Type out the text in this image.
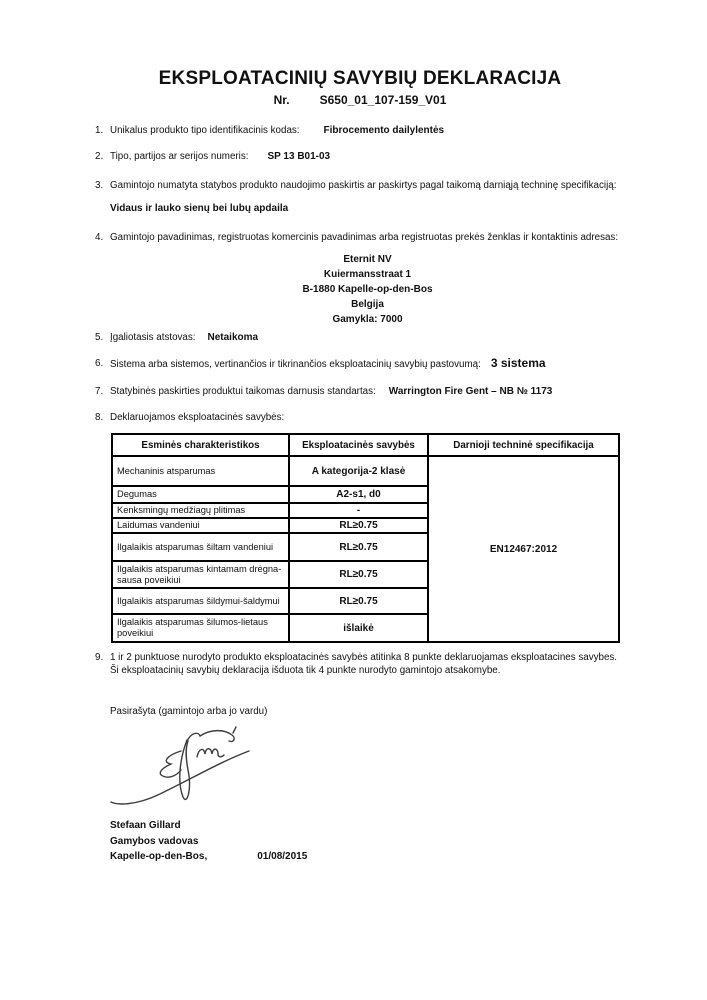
EKSPLOATACINIŲ SAVYBIŲ DEKLARACIJA
Nr.	S650_01_107-159_V01
1. Unikalus produkto tipo identifikacinis kodas: Fibrocemento dailylentės
2. Tipo, partijos ar serijos numeris: SP 13 B01-03
3. Gamintojo numatyta statybos produkto naudojimo paskirtis ar paskirtys pagal taikomą darniąją techninę specifikaciją:
Vidaus ir lauko sienų bei lubų apdaila
4. Gamintojo pavadinimas, registruotas komercinis pavadinimas arba registruotas prekės ženklas ir kontaktinis adresas:
Eternit NV
Kuiermansstraat 1
B-1880 Kapelle-op-den-Bos
Belgija
Gamykla: 7000
5. Įgaliotasis atstovas: Netaikoma
6. Sistema arba sistemos, vertinančios ir tikrinančios eksploatacinių savybių pastovumą: 3 sistema
7. Statybinės paskirties produktui taikomas darnusis standartas: Warrington Fire Gent – NB № 1173
8. Deklaruojamos eksploatacinės savybės:
Esminės charakteristikos	Eksploatacinės savybės	Darnioji techninė specifikacija
Mechaninis atsparumas	A kategorija-2 klasė	EN12467:2012
Degumas	A2-s1, d0	
Kenksmingų medžiagų plitimas	-	
Laidumas vandeniui	RL≥0.75	
Ilgalaikis atsparumas šiltam vandeniui	RL≥0.75	
Ilgalaikis atsparumas kintamam drėgna-sausa poveikiui	RL≥0.75	
Ilgalaikis atsparumas šildymui-šaldymui	RL≥0.75	
Ilgalaikis atsparumas šilumos-lietaus poveikiui	išlaikė	
9. 1 ir 2 punktuose nurodyto produkto eksploatacinės savybės atitinka 8 punkte deklaruojamas eksploatacines savybes.
Ši eksploatacinių savybių deklaracija išduota tik 4 punkte nurodyto gamintojo atsakomybe.
Pasirašyta (gamintojo arba jo vardu)
Stefaan Gillard
Gamybos vadovas
Kapelle-op-den-Bos,	01/08/2015
